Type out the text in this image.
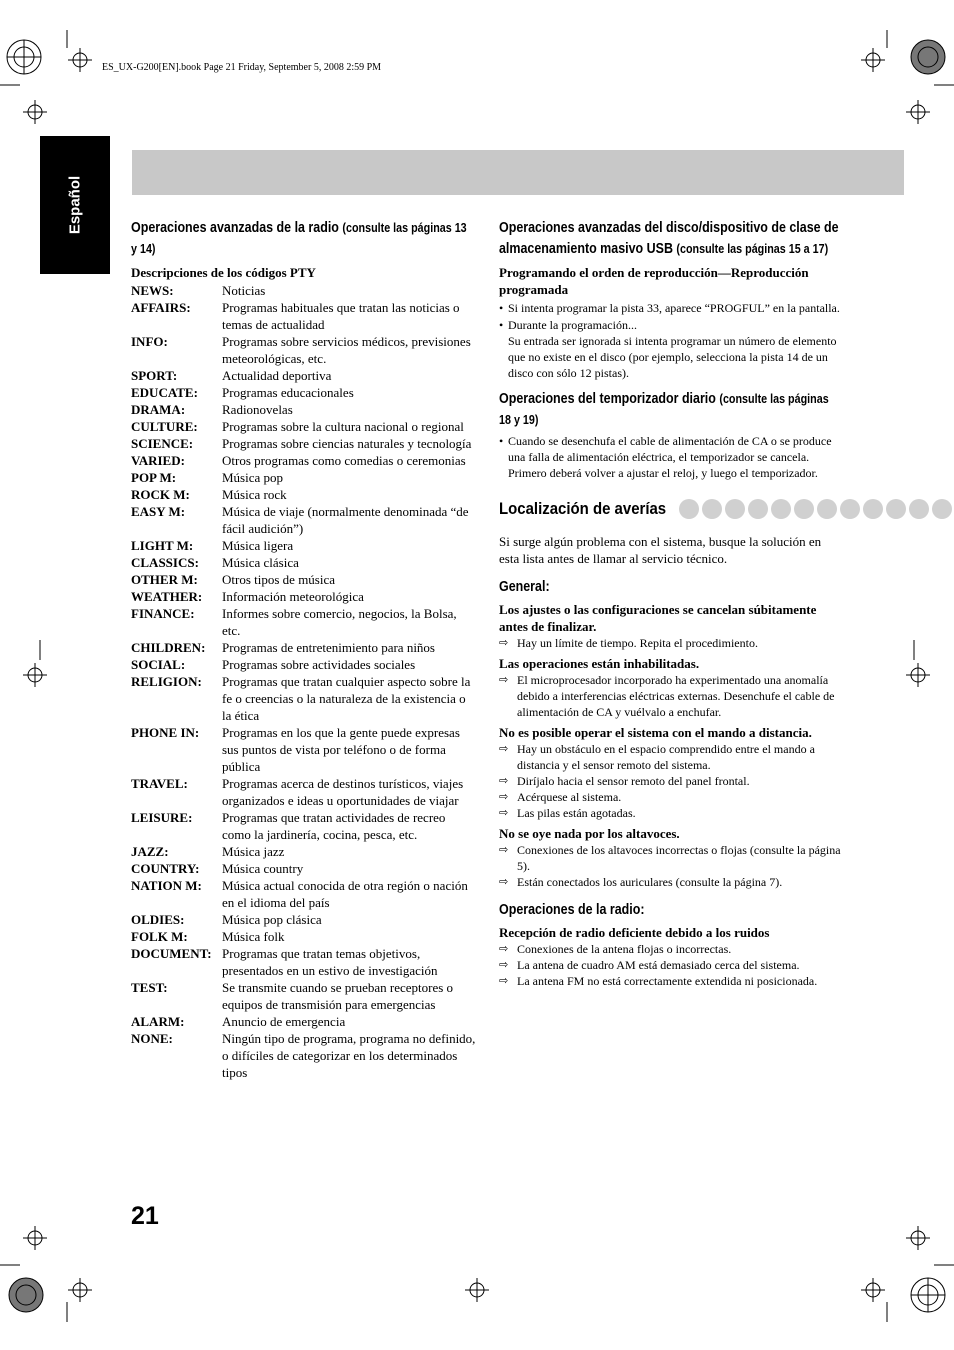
ES_UX-G200[EN].book Page 21 Friday, September 5, 2008 2:59 PM
Español	Operaciones avanzadas de la radio (consulte las páginas 13 y 14)
Descripciones de los códigos PTY
NEWS:	Noticias
AFFAIRS:	Programas habituales que tratan las noticias o temas de actualidad
INFO:	Programas sobre servicios médicos, previsiones meteorológicas, etc.
SPORT:	Actualidad deportiva
EDUCATE:	Programas educacionales
DRAMA:	Radionovelas
CULTURE:	Programas sobre la cultura nacional o regional
SCIENCE:	Programas sobre ciencias naturales y tecnología
VARIED:	Otros programas como comedias o ceremonias
POP M:	Música pop
ROCK M:	Música rock
EASY M:	Música de viaje (normalmente denominada “de fácil audición”)
LIGHT M:	Música ligera
CLASSICS:	Música clásica
OTHER M:	Otros tipos de música
WEATHER:	Información meteorológica
FINANCE:	Informes sobre comercio, negocios, la Bolsa, etc.
CHILDREN:	Programas de entretenimiento para niños
SOCIAL:	Programas sobre actividades sociales
RELIGION:	Programas que tratan cualquier aspecto sobre la fe o creencias o la naturaleza de la existencia o la ética
PHONE IN:	Programas en los que la gente puede expresas sus puntos de vista por teléfono o de forma pública
TRAVEL:	Programas acerca de destinos turísticos, viajes organizados e ideas u oportunidades de viajar
LEISURE:	Programas que tratan actividades de recreo como la jardinería, cocina, pesca, etc.
JAZZ:	Música jazz
COUNTRY:	Música country
NATION M:	Música actual conocida de otra región o nación en el idioma del país
OLDIES:	Música pop clásica
FOLK M:	Música folk
DOCUMENT: Programas que tratan temas objetivos, presentados en un estivo de investigación
TEST:	Se transmite cuando se prueban receptores o equipos de transmisión para emergencias
ALARM:	Anuncio de emergencia
NONE:	Ningún tipo de programa, programa no definido, o difíciles de categorizar en los determinados tipos
Operaciones avanzadas del disco/dispositivo de clase de almacenamiento masivo USB (consulte las páginas 15 a 17)
Programando el orden de reproducción—Reproducción programada
• Si intenta programar la pista 33, aparece “PROGFUL” en la pantalla.
• Durante la programación...
Su entrada ser ignorada si intenta programar un número de elemento que no existe en el disco (por ejemplo, selecciona la pista 14 de un disco con sólo 12 pistas).
Operaciones del temporizador diario (consulte las páginas 18 y 19)
• Cuando se desenchufa el cable de alimentación de CA o se produce una falla de alimentación eléctrica, el temporizador se cancela. Primero deberá volver a ajustar el reloj, y luego el temporizador.
Localización de averías
Si surge algún problema con el sistema, busque la solución en esta lista antes de llamar al servicio técnico.
General:
Los ajustes o las configuraciones se cancelan súbitamente antes de finalizar.
⇨ Hay un límite de tiempo. Repita el procedimiento.
Las operaciones están inhabilitadas.
⇨ El microprocesador incorporado ha experimentado una anomalía debido a interferencias eléctricas externas. Desenchufe el cable de alimentación de CA y vuélvalo a enchufar.
No es posible operar el sistema con el mando a distancia.
⇨ Hay un obstáculo en el espacio comprendido entre el mando a distancia y el sensor remoto del sistema.
⇨ Diríjalo hacia el sensor remoto del panel frontal.
⇨ Acérquese al sistema.
⇨ Las pilas están agotadas.
No se oye nada por los altavoces.
⇨ Conexiones de los altavoces incorrectas o flojas (consulte la página 5).
⇨ Están conectados los auriculares (consulte la página 7).
Operaciones de la radio:
Recepción de radio deficiente debido a los ruidos
⇨ Conexiones de la antena flojas o incorrectas.
⇨ La antena de cuadro AM está demasiado cerca del sistema.
⇨ La antena FM no está correctamente extendida ni posicionada.
21
